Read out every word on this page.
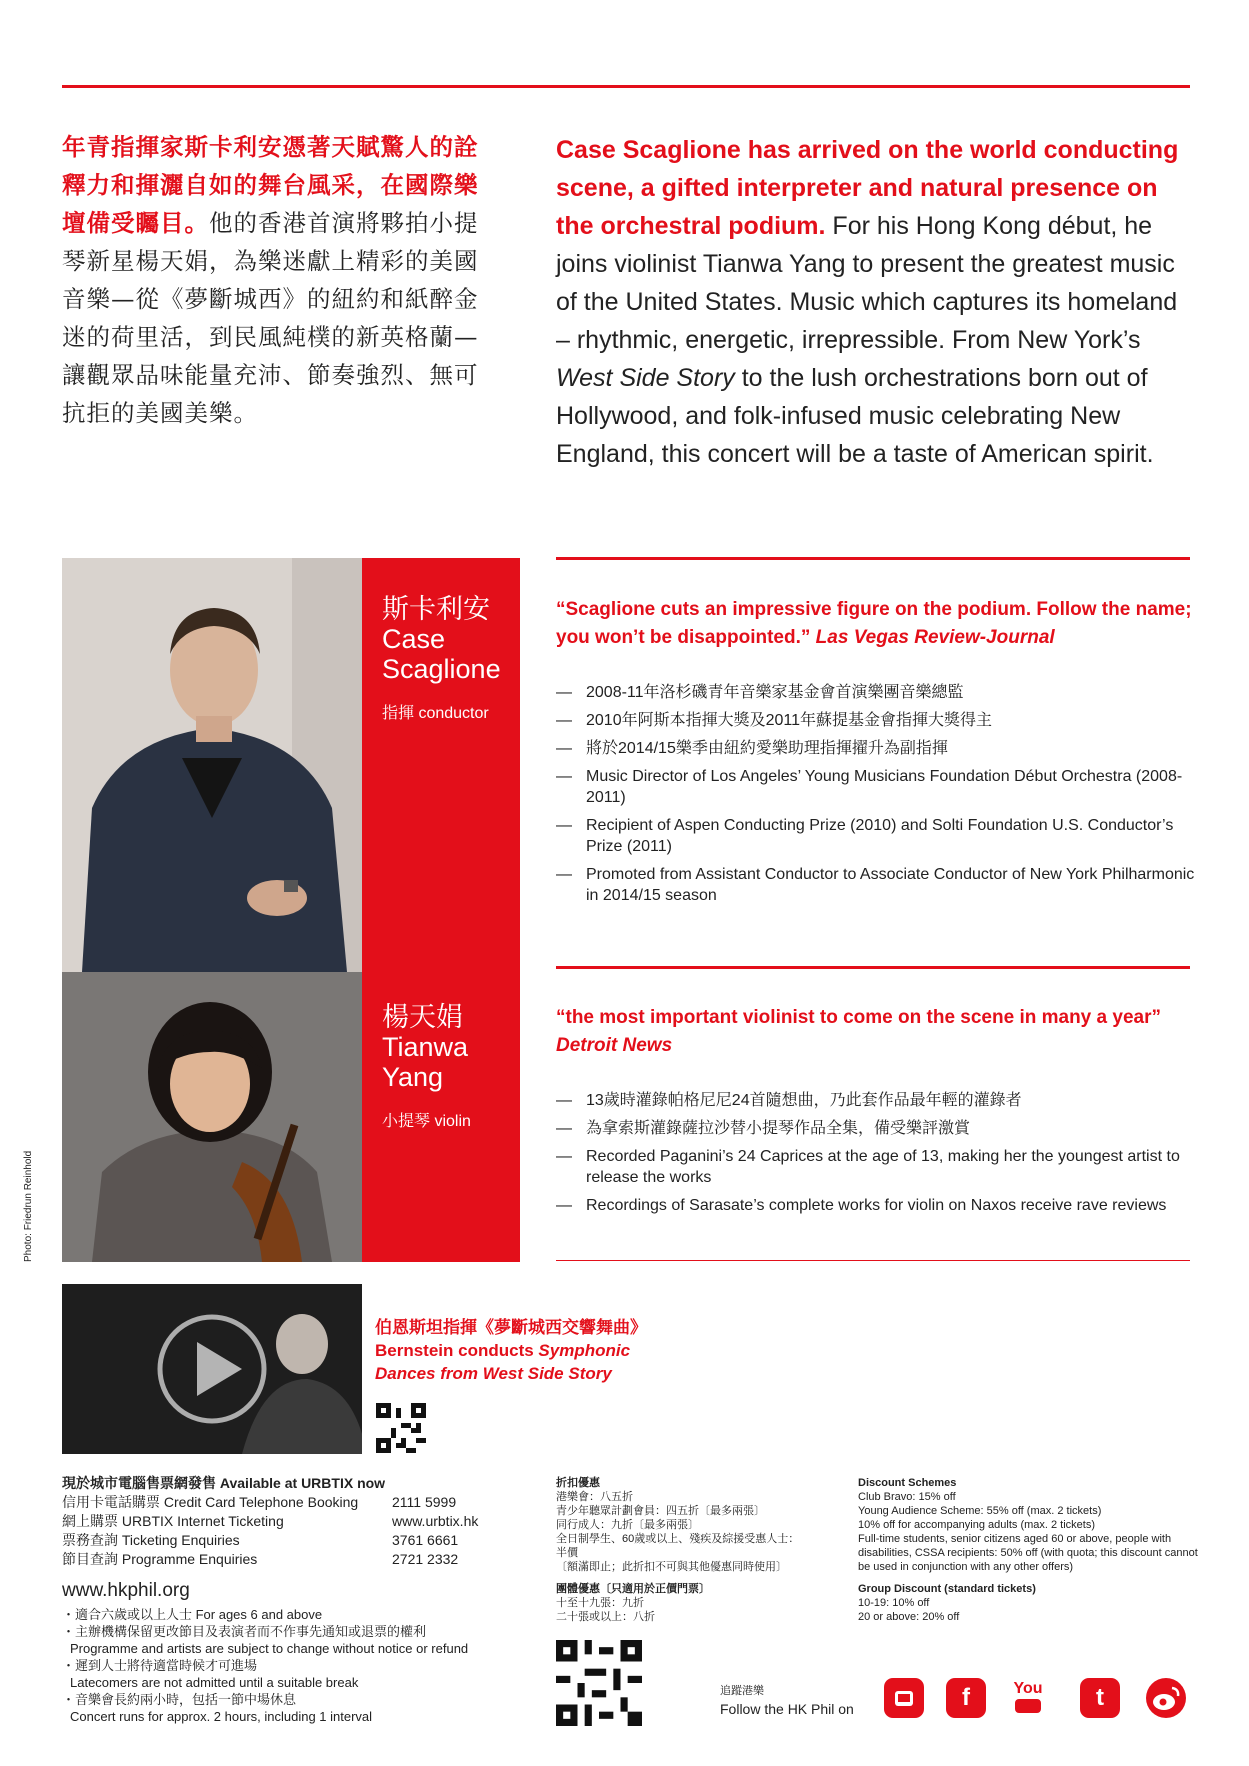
年青指揮家斯卡利安憑著天賦驚人的詮釋力和揮灑自如的舞台風采，在國際樂壇備受矚目。他的香港首演將夥拍小提琴新星楊天娟，為樂迷獻上精彩的美國音樂—從《夢斷城西》的紐約和紙醉金迷的荷里活，到民風純樸的新英格蘭—讓觀眾品味能量充沛、節奏強烈、無可抗拒的美國美樂。
Case Scaglione has arrived on the world conducting scene, a gifted interpreter and natural presence on the orchestral podium. For his Hong Kong début, he joins violinist Tianwa Yang to present the greatest music of the United States. Music which captures its homeland – rhythmic, energetic, irrepressible. From New York’s West Side Story to the lush orchestrations born out of Hollywood, and folk-infused music celebrating New England, this concert will be a taste of American spirit.
斯卡利安
Case
Scaglione
指揮 conductor
“Scaglione cuts an impressive figure on the podium. Follow the name; you won’t be disappointed.” Las Vegas Review-Journal
— 2008-11年洛杉磯青年音樂家基金會首演樂團音樂總監
— 2010年阿斯本指揮大獎及2011年蘇提基金會指揮大獎得主
— 將於2014/15樂季由紐約愛樂助理指揮擢升為副指揮
— Music Director of Los Angeles’ Young Musicians Foundation Début Orchestra (2008-2011)
— Recipient of Aspen Conducting Prize (2010) and Solti Foundation U.S. Conductor’s Prize (2011)
— Promoted from Assistant Conductor to Associate Conductor of New York Philharmonic in 2014/15 season
Photo: Friedrun Reinhold
楊天娟
Tianwa
Yang
小提琴 violin
“the most important violinist to come on the scene in many a year”
Detroit News
— 13歲時灌錄帕格尼尼24首隨想曲，乃此套作品最年輕的灌錄者
— 為拿索斯灌錄薩拉沙替小提琴作品全集，備受樂評激賞
— Recorded Paganini’s 24 Caprices at the age of 13, making her the youngest artist to release the works
— Recordings of Sarasate’s complete works for violin on Naxos receive rave reviews
伯恩斯坦指揮《夢斷城西交響舞曲》
Bernstein conducts Symphonic
Dances from West Side Story
現於城市電腦售票網發售 Available at URBTIX now
信用卡電話購票 Credit Card Telephone Booking	2111 5999
網上購票 URBTIX Internet Ticketing	www.urbtix.hk
票務查詢 Ticketing Enquiries	3761 6661
節目查詢 Programme Enquiries	2721 2332
www.hkphil.org
・適合六歲或以上人士 For ages 6 and above
・主辦機構保留更改節目及表演者而不作事先通知或退票的權利
Programme and artists are subject to change without notice or refund
・遲到人士將待適當時候才可進場
Latecomers are not admitted until a suitable break
・音樂會長約兩小時，包括一節中場休息
Concert runs for approx. 2 hours, including 1 interval
折扣優惠
港樂會：八五折
青少年聽眾計劃會員：四五折〔最多兩張〕
同行成人：九折〔最多兩張〕
全日制學生、60歲或以上、殘疾及綜援受惠人士：半價
〔額滿即止；此折扣不可與其他優惠同時使用〕
團體優惠〔只適用於正價門票〕
十至十九張：九折
二十張或以上：八折
Discount Schemes
Club Bravo: 15% off
Young Audience Scheme: 55% off (max. 2 tickets)
10% off for accompanying adults (max. 2 tickets)
Full-time students, senior citizens aged 60 or above, people with disabilities, CSSA recipients: 50% off (with quota; this discount cannot be used in conjunction with any other offers)
Group Discount (standard tickets)
10-19: 10% off
20 or above: 20% off
追蹤港樂
Follow the HK Phil on	f	You	t
